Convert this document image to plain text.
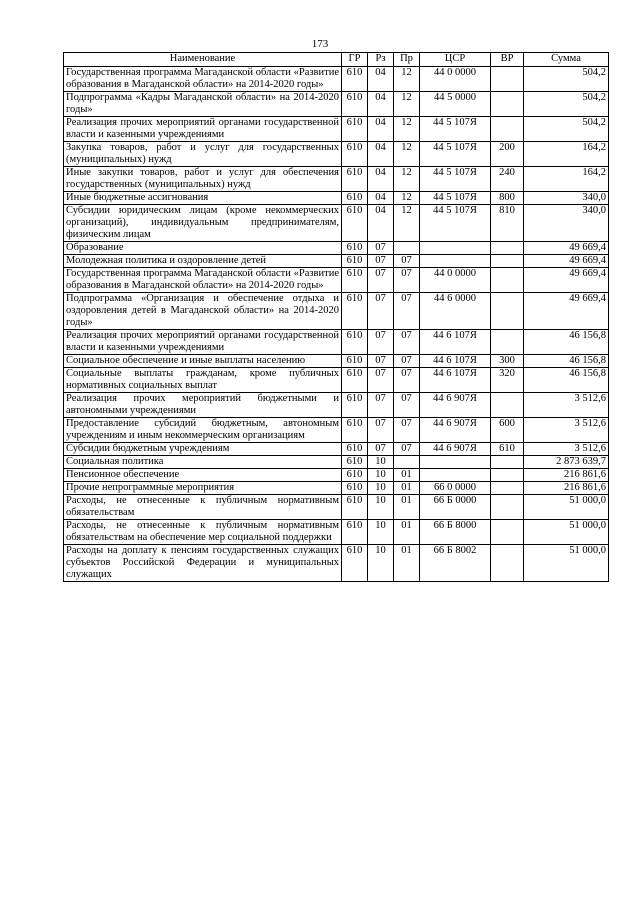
173
Наименование	ГР	Рз	Пр	ЦСР	ВР	Сумма
Государственная программа Магаданской области «Развитие образования в Магаданской области» на 2014-2020 годы»	610	04	12	44 0 0000		504,2
Подпрограмма «Кадры Магаданской области» на 2014-2020 годы»	610	04	12	44 5 0000		504,2
Реализация прочих мероприятий органами государственной власти и казенными учреждениями	610	04	12	44 5 107Я		504,2
Закупка товаров, работ и услуг для государственных (муниципальных) нужд	610	04	12	44 5 107Я	200	164,2
Иные закупки товаров, работ и услуг для обеспечения государственных (муниципальных) нужд	610	04	12	44 5 107Я	240	164,2
Иные бюджетные ассигнования	610	04	12	44 5 107Я	800	340,0
Субсидии юридическим лицам (кроме некоммерческих организаций), индивидуальным предпринимателям, физическим лицам	610	04	12	44 5 107Я	810	340,0
Образование	610	07				49 669,4
Молодежная политика и оздоровление детей	610	07	07			49 669,4
Государственная программа Магаданской области «Развитие образования в Магаданской области» на 2014-2020 годы»	610	07	07	44 0 0000		49 669,4
Подпрограмма «Организация и обеспечение отдыха и оздоровления детей в Магаданской области» на 2014-2020 годы»	610	07	07	44 6 0000		49 669,4
Реализация прочих мероприятий органами государственной власти и казенными учреждениями	610	07	07	44 6 107Я		46 156,8
Социальное обеспечение и иные выплаты населению	610	07	07	44 6 107Я	300	46 156,8
Социальные выплаты гражданам, кроме публичных нормативных социальных выплат	610	07	07	44 6 107Я	320	46 156,8
Реализация прочих мероприятий бюджетными и автономными учреждениями	610	07	07	44 6 907Я		3 512,6
Предоставление субсидий бюджетным, автономным учреждениям и иным некоммерческим организациям	610	07	07	44 6 907Я	600	3 512,6
Субсидии бюджетным учреждениям	610	07	07	44 6 907Я	610	3 512,6
Социальная политика	610	10				2 873 639,7
Пенсионное обеспечение	610	10	01			216 861,6
Прочие непрограммные мероприятия	610	10	01	66 0 0000		216 861,6
Расходы, не отнесенные к публичным нормативным обязательствам	610	10	01	66 Б 0000		51 000,0
Расходы, не отнесенные к публичным нормативным обязательствам на обеспечение мер социальной поддержки	610	10	01	66 Б 8000		51 000,0
Расходы на доплату к пенсиям государственных служащих субъектов Российской Федерации и муниципальных служащих	610	10	01	66 Б 8002		51 000,0
